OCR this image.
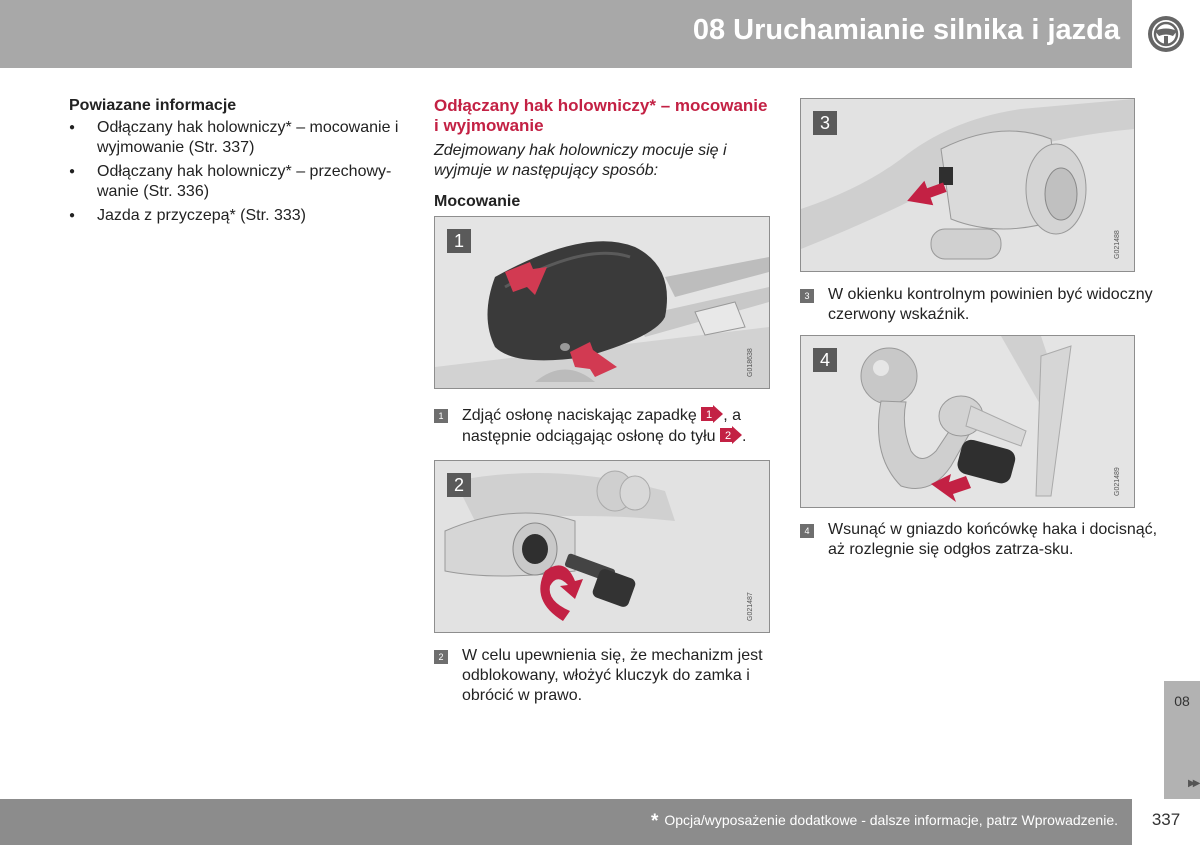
08 Uruchamianie silnika i jazda
Powiazane informacje
● Odłączany hak holowniczy* – mocowanie i wyjmowanie (Str. 337)
● Odłączany hak holowniczy* – przechowy-wanie (Str. 336)
● Jazda z przyczepą* (Str. 333)
Odłączany hak holowniczy* – mocowanie i wyjmowanie
Zdejmowany hak holowniczy mocuje się i wyjmuje w następujący sposób:
Mocowanie
1
G018638
1 Zdjąć osłonę naciskając zapadkę 1 , a następnie odciągając osłonę do tyłu 2 .
2
G021487
2 W celu upewnienia się, że mechanizm jest odblokowany, włożyć kluczyk do zamka i obrócić w prawo.
3
G021488
3 W okienku kontrolnym powinien być widoczny czerwony wskaźnik.
4
G021489
4 Wsunąć w gniazdo końcówkę haka i docisnąć, aż rozlegnie się odgłos zatrza-sku.
08
▶▶
* Opcja/wyposażenie dodatkowe - dalsze informacje, patrz Wprowadzenie.	337
